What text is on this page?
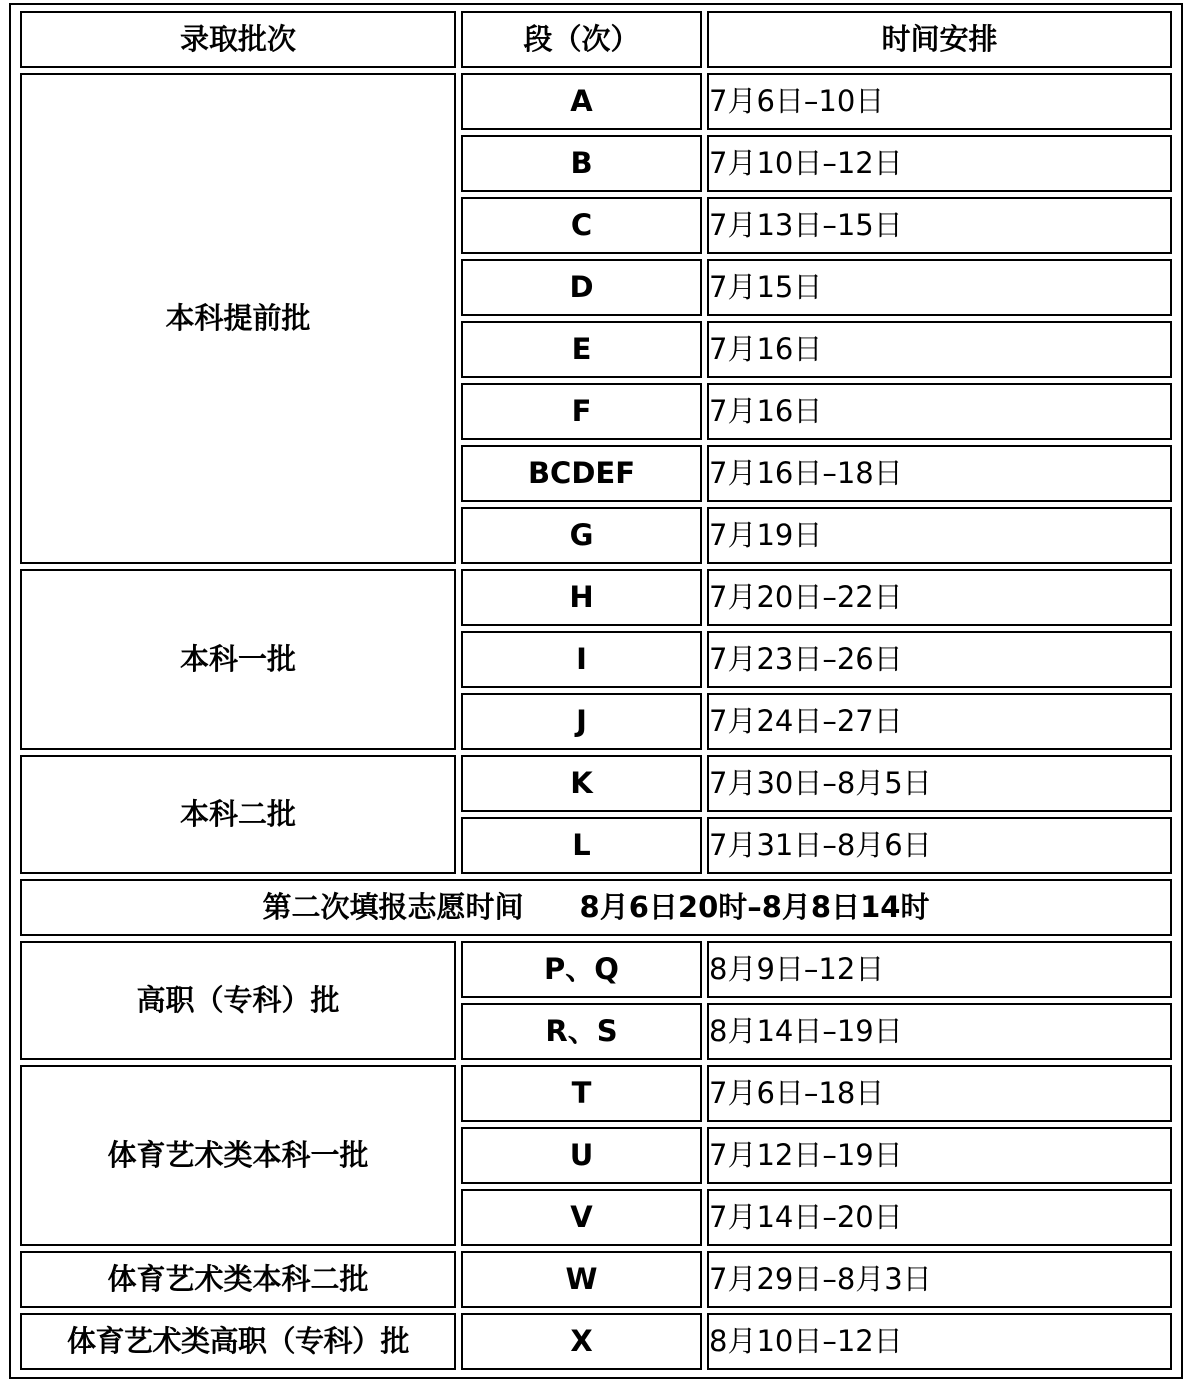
录取批次	段（次）	时间安排
本科提前批	A	7月6日–10日
	B	7月10日–12日
	C	7月13日–15日
	D	7月15日
	E	7月16日
	F	7月16日
	BCDEF	7月16日–18日
	G	7月19日
本科一批	H	7月20日–22日
	I	7月23日–26日
	J	7月24日–27日
本科二批	K	7月30日–8月5日
	L	7月31日–8月6日
第二次填报志愿时间 8月6日20时–8月8日14时		
高职（专科）批	P、Q	8月9日–12日
	R、S	8月14日–19日
体育艺术类本科一批	T	7月6日–18日
	U	7月12日–19日
	V	7月14日–20日
体育艺术类本科二批	W	7月29日–8月3日
体育艺术类高职（专科）批	X	8月10日–12日
